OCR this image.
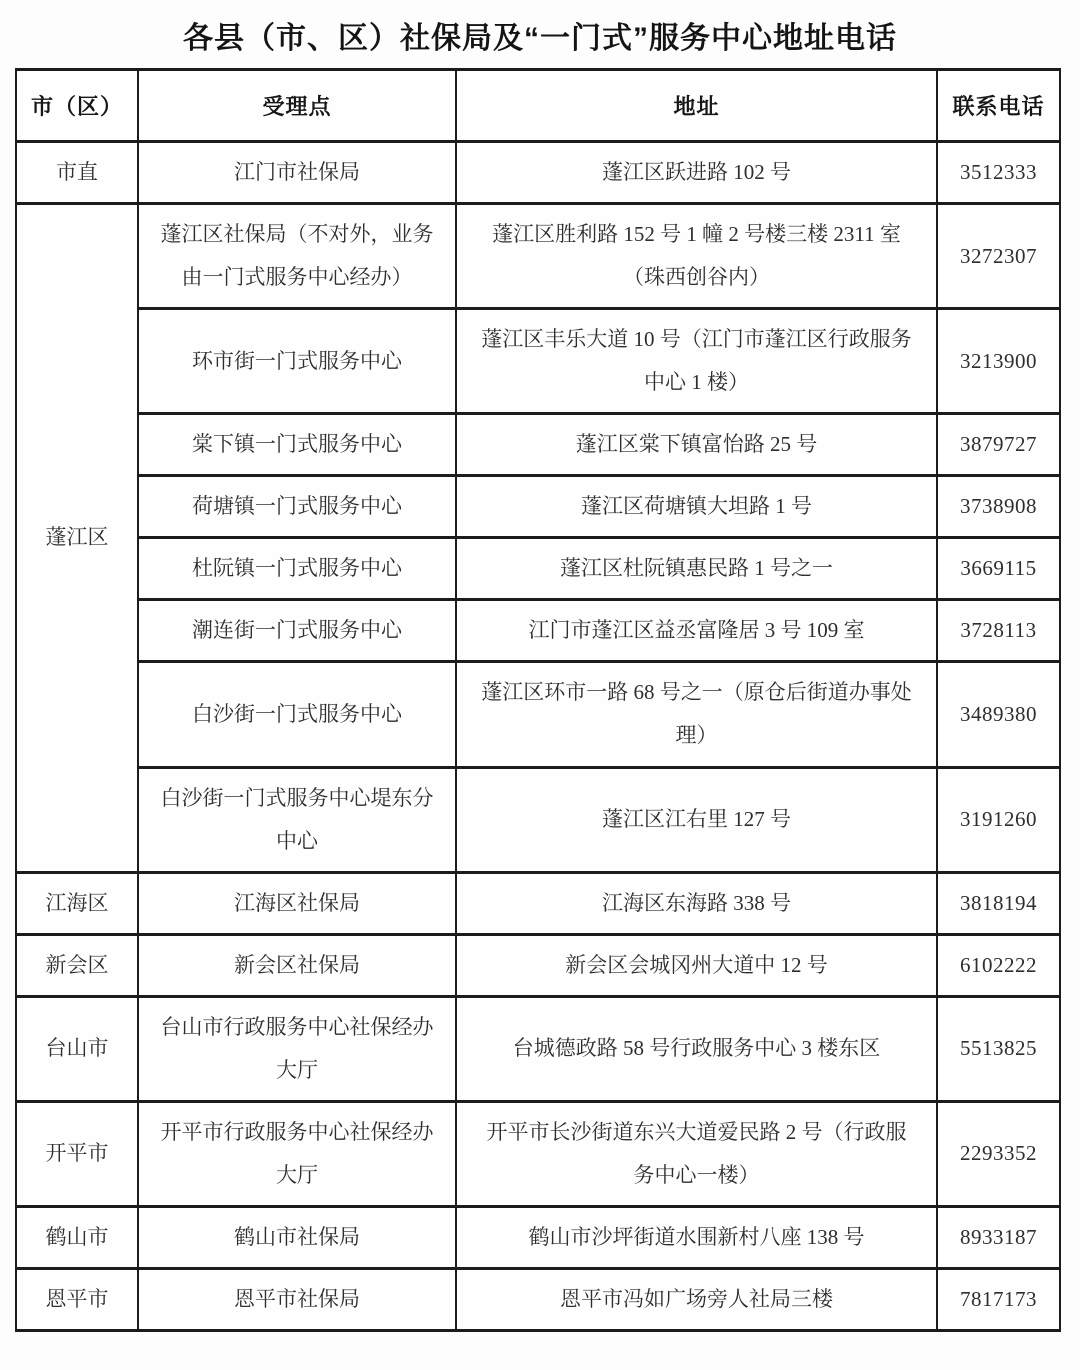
各县（市、区）社保局及“一门式”服务中心地址电话
市（区）	受理点	地址	联系电话
市直	江门市社保局	蓬江区跃进路 102 号	3512333
蓬江区	蓬江区社保局（不对外，业务由一门式服务中心经办）	蓬江区胜利路 152 号 1 幢 2 号楼三楼 2311 室（珠西创谷内）	3272307
	环市街一门式服务中心	蓬江区丰乐大道 10 号（江门市蓬江区行政服务中心 1 楼）	3213900
	棠下镇一门式服务中心	蓬江区棠下镇富怡路 25 号	3879727
	荷塘镇一门式服务中心	蓬江区荷塘镇大坦路 1 号	3738908
	杜阮镇一门式服务中心	蓬江区杜阮镇惠民路 1 号之一	3669115
	潮连街一门式服务中心	江门市蓬江区益丞富隆居 3 号 109 室	3728113
	白沙街一门式服务中心	蓬江区环市一路 68 号之一（原仓后街道办事处理）	3489380
	白沙街一门式服务中心堤东分中心	蓬江区江右里 127 号	3191260
江海区	江海区社保局	江海区东海路 338 号	3818194
新会区	新会区社保局	新会区会城冈州大道中 12 号	6102222
台山市	台山市行政服务中心社保经办大厅	台城德政路 58 号行政服务中心 3 楼东区	5513825
开平市	开平市行政服务中心社保经办大厅	开平市长沙街道东兴大道爱民路 2 号（行政服务中心一楼）	2293352
鹤山市	鹤山市社保局	鹤山市沙坪街道水围新村八座 138 号	8933187
恩平市	恩平市社保局	恩平市冯如广场旁人社局三楼	7817173
